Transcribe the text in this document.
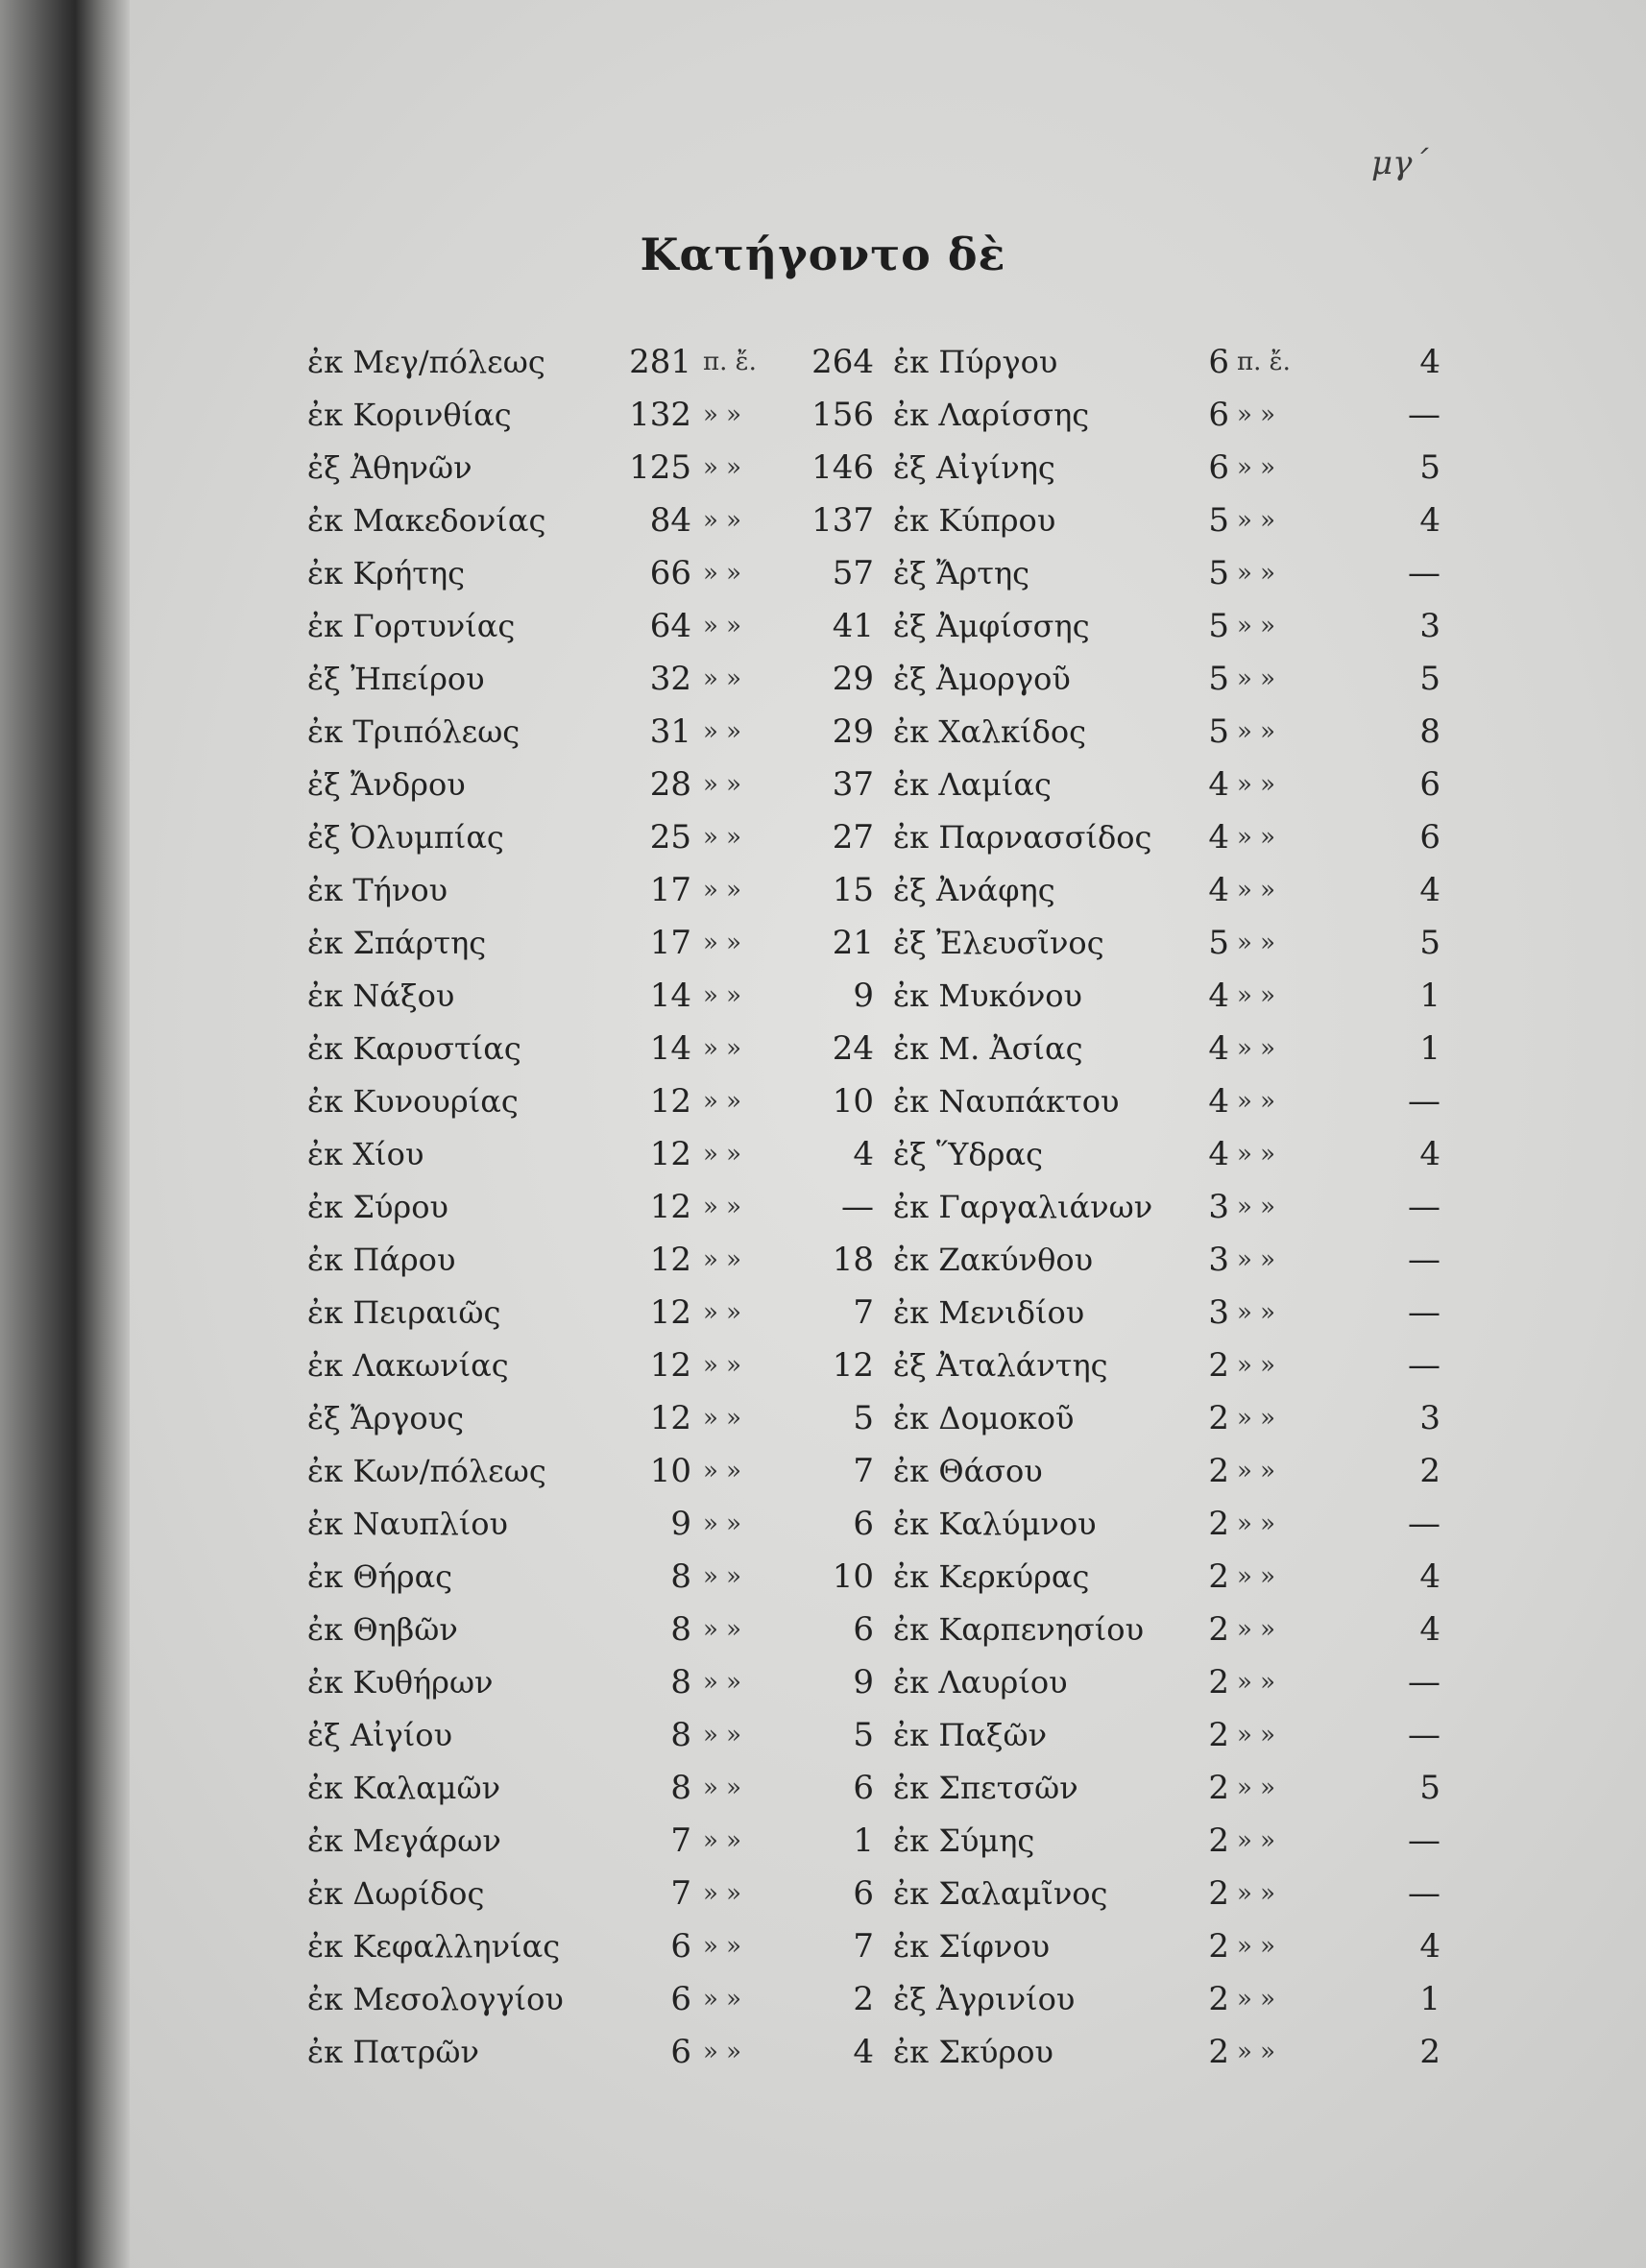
μγ΄
Κατήγοντο δὲ
ἐκ Μεγ/πόλεως	281 π. ἔ.	264 ἐκ Πύργου	6 π. ἔ.	4
ἐκ Κορινθίας	132 » »	156 ἐκ Λαρίσσης	6 » »	—
ἐξ Ἀθηνῶν	125 » »	146 ἐξ Αἰγίνης	6 » »	5
ἐκ Μακεδονίας	84 » »	137 ἐκ Κύπρου	5 » »	4
ἐκ Κρήτης	66 » »	57 ἐξ Ἄρτης	5 » »	—
ἐκ Γορτυνίας	64 » »	41 ἐξ Ἀμφίσσης	5 » »	3
ἐξ Ἠπείρου	32 » »	29 ἐξ Ἀμοργοῦ	5 » »	5
ἐκ Τριπόλεως	31 » »	29 ἐκ Χαλκίδος	5 » »	8
ἐξ Ἄνδρου	28 » »	37 ἐκ Λαμίας	4 » »	6
ἐξ Ὀλυμπίας	25 » »	27 ἐκ Παρνασσίδος	4 » »	6
ἐκ Τήνου	17 » »	15 ἐξ Ἀνάφης	4 » »	4
ἐκ Σπάρτης	17 » »	21 ἐξ Ἐλευσῖνος	5 » »	5
ἐκ Νάξου	14 » »	9 ἐκ Μυκόνου	4 » »	1
ἐκ Καρυστίας	14 » »	24 ἐκ Μ. Ἀσίας	4 » »	1
ἐκ Κυνουρίας	12 » »	10 ἐκ Ναυπάκτου	4 » »	—
ἐκ Χίου	12 » »	4 ἐξ Ὕδρας	4 » »	4
ἐκ Σύρου	12 » »	— ἐκ Γαργαλιάνων	3 » »	—
ἐκ Πάρου	12 » »	18 ἐκ Ζακύνθου	3 » »	—
ἐκ Πειραιῶς	12 » »	7 ἐκ Μενιδίου	3 » »	—
ἐκ Λακωνίας	12 » »	12 ἐξ Ἀταλάντης	2 » »	—
ἐξ Ἄργους	12 » »	5 ἐκ Δομοκοῦ	2 » »	3
ἐκ Κων/πόλεως	10 » »	7 ἐκ Θάσου	2 » »	2
ἐκ Ναυπλίου	9 » »	6 ἐκ Καλύμνου	2 » »	—
ἐκ Θήρας	8 » »	10 ἐκ Κερκύρας	2 » »	4
ἐκ Θηβῶν	8 » »	6 ἐκ Καρπενησίου	2 » »	4
ἐκ Κυθήρων	8 » »	9 ἐκ Λαυρίου	2 » »	—
ἐξ Αἰγίου	8 » »	5 ἐκ Παξῶν	2 » »	—
ἐκ Καλαμῶν	8 » »	6 ἐκ Σπετσῶν	2 » »	5
ἐκ Μεγάρων	7 » »	1 ἐκ Σύμης	2 » »	—
ἐκ Δωρίδος	7 » »	6 ἐκ Σαλαμῖνος	2 » »	—
ἐκ Κεφαλληνίας	6 » »	7 ἐκ Σίφνου	2 » »	4
ἐκ Μεσολογγίου	6 » »	2 ἐξ Ἀγρινίου	2 » »	1
ἐκ Πατρῶν	6 » »	4 ἐκ Σκύρου	2 » »	2
